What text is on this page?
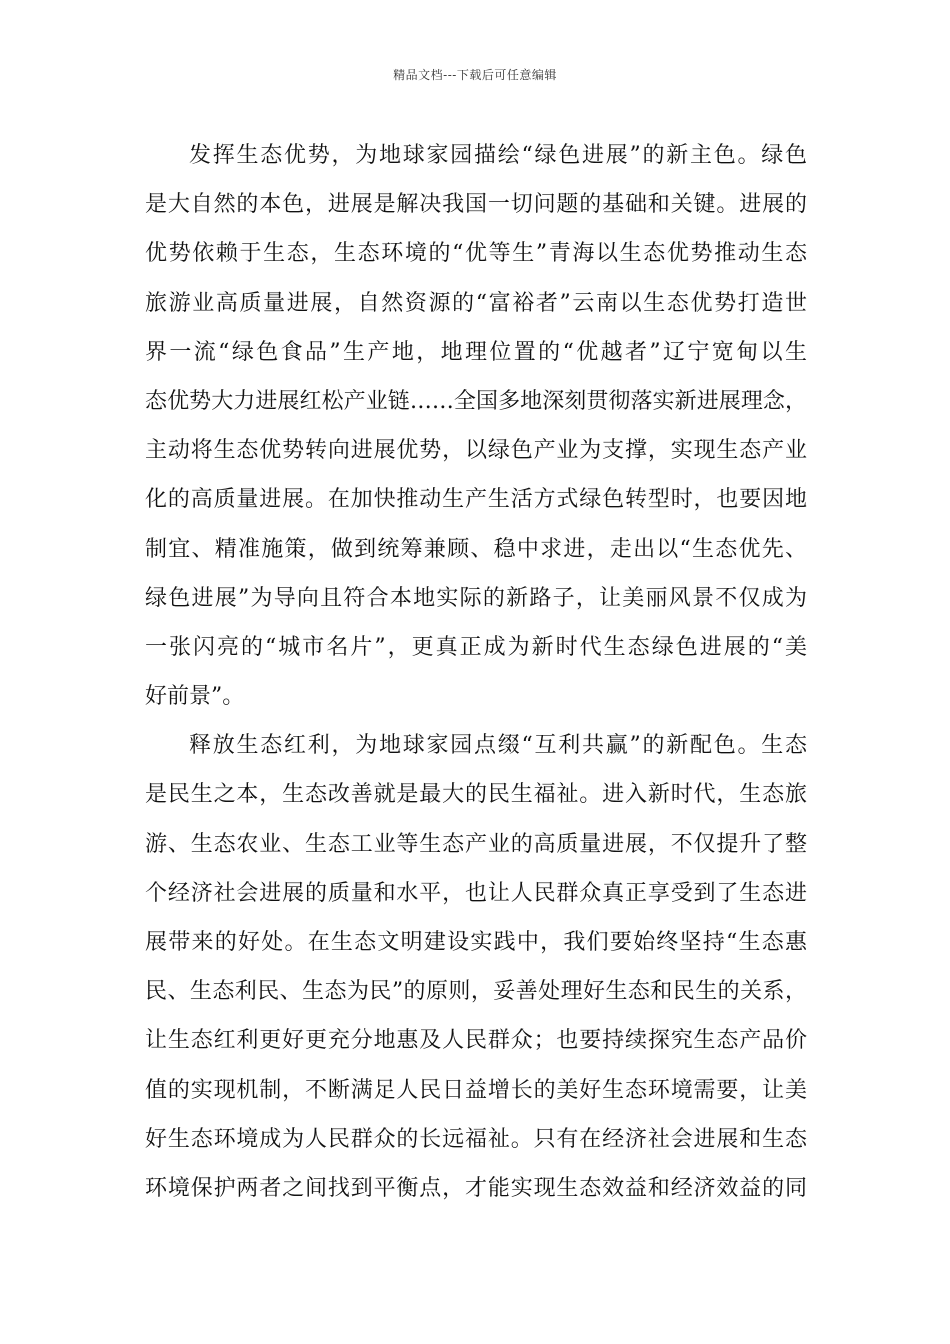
精品文档---下载后可任意编辑
发挥生态优势，为地球家园描绘“绿色进展”的新主色。绿色
是大自然的本色，进展是解决我国一切问题的基础和关键。进展的
优势依赖于生态，生态环境的“优等生”青海以生态优势推动生态
旅游业高质量进展，自然资源的“富裕者”云南以生态优势打造世
界一流“绿色食品”生产地，地理位置的“优越者”辽宁宽甸以生
态优势大力进展红松产业链……全国多地深刻贯彻落实新进展理念，
主动将生态优势转向进展优势，以绿色产业为支撑，实现生态产业
化的高质量进展。在加快推动生产生活方式绿色转型时，也要因地
制宜、精准施策，做到统筹兼顾、稳中求进，走出以“生态优先、
绿色进展”为导向且符合本地实际的新路子，让美丽风景不仅成为
一张闪亮的“城市名片”，更真正成为新时代生态绿色进展的“美
好前景”。
释放生态红利，为地球家园点缀“互利共赢”的新配色。生态
是民生之本，生态改善就是最大的民生福祉。进入新时代，生态旅
游、生态农业、生态工业等生态产业的高质量进展，不仅提升了整
个经济社会进展的质量和水平，也让人民群众真正享受到了生态进
展带来的好处。在生态文明建设实践中，我们要始终坚持“生态惠
民、生态利民、生态为民”的原则，妥善处理好生态和民生的关系，
让生态红利更好更充分地惠及人民群众；也要持续探究生态产品价
值的实现机制，不断满足人民日益增长的美好生态环境需要，让美
好生态环境成为人民群众的长远福祉。只有在经济社会进展和生态
环境保护两者之间找到平衡点，才能实现生态效益和经济效益的同
